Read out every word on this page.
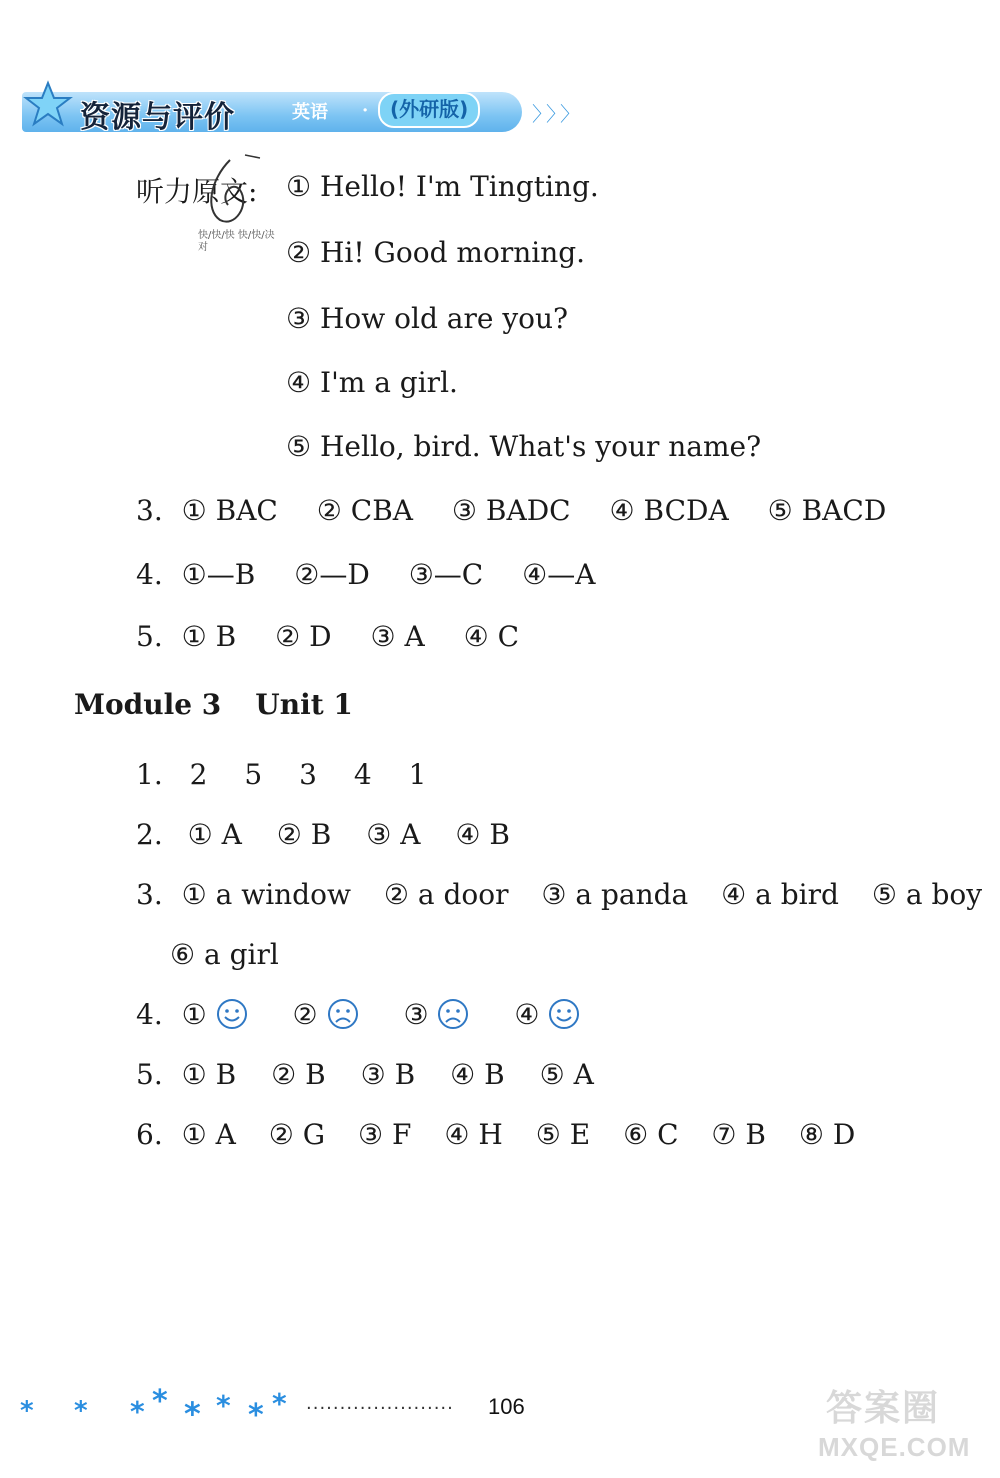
资源与评价	英语 ·	(外研版)	〉〉〉
听力原文:
快/快/快 快/快/决对
① Hello! I'm Tingting.
② Hi! Good morning.
③ How old are you?
④ I'm a girl.
⑤ Hello, bird. What's your name?
3. ① BAC ② CBA ③ BADC ④ BCDA ⑤ BACD
4. ①—B ②—D ③—C ④—A
5. ① B ② D ③ A ④ C
Module 3 Unit 1
1. 2 5 3 4 1
2. ① A ② B ③ A ④ B
3. ① a window ② a door ③ a panda ④ a bird ⑤ a boy
⑥ a girl
4. ①	②	③	④
5. ① B ② B ③ B ④ B ⑤ A
6. ① A ② G ③ F ④ H ⑤ E ⑥ C ⑦ B ⑧ D
* * * * * * * * ······················ 106	答案圈
MXQE.COM
